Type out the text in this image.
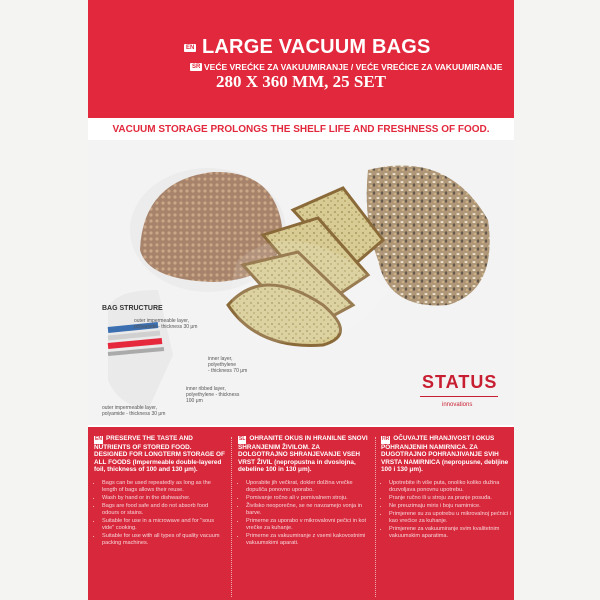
EN LARGE VACUUM BAGS
SR VEĆE VREĆKE ZA VAKUUMIRANJE / VEĆE VREĆICE ZA VAKUUMIRANJE
280 X 360 MM, 25 SET
VACUUM STORAGE PROLONGS THE SHELF LIFE AND FRESHNESS OF FOOD.
BAG STRUCTURE
outer impermeable layer,
polyamide - thickness 30 μm
inner layer,
polyethylene
- thickness 70 μm
inner ribbed layer,
polyethylene - thickness
100 μm
outer impermeable layer,
polyamide - thickness 30 μm
STATUS
innovations
EN PRESERVE THE TASTE AND NUTRIENTS OF STORED FOOD. DESIGNED FOR LONGTERM STORAGE OF ALL FOODS (Impermeable double-layered foil, thickness of 100 and 130 μm).
• Bags can be used repeatedly as long as the length of bags allows their reuse.
• Wash by hand or in the dishwasher.
• Bags are food safe and do not absorb food odours or stains.
• Suitable for use in a microwave and for "sous vide" cooking.
• Suitable for use with all types of quality vacuum packing machines.
SL OHRANITE OKUS IN HRANILNE SNOVI SHRANJENIM ŽIVILOM. ZA DOLGOTRAJNO SHRANJEVANJE VSEH VRST ŽIVIL (nepropustna in dvoslojna, debeline 100 in 130 μm).
• Uporabite jih večkrat, dokler dolžina vrečke dopušča ponovno uporabo.
• Pomivanje ročno ali v pomivalnem stroju.
• Živilsko neoporečne, se ne navzamejo vonja in barve.
• Primerne za uporabo v mikrovalovni pečici in kot vrečke za kuhanje.
• Primerne za vakuumiranje z vsemi kakovostnimi vakuumskimi aparati.
HR OČUVAJTE HRANJIVOST I OKUS POHRANJENIH NAMIRNICA. ZA DUGOTRAJNO POHRANJIVANJE SVIH VRSTA NAMIRNICA (nepropusne, debljine 100 i 130 μm).
• Upotrebite ih više puta, onoliko koliko dužina dozvoljava ponovnu upotrebu.
• Pranje ručno ili u stroju za pranje posuđa.
• Ne preuzimaju miris i boju namirnice.
• Primjerene su za upotrebu u mikrovalnoj pećnici i kao vrećice za kuhanje.
• Primjerene za vakuumiranje svim kvalitetnim vakuumskim aparatima.
